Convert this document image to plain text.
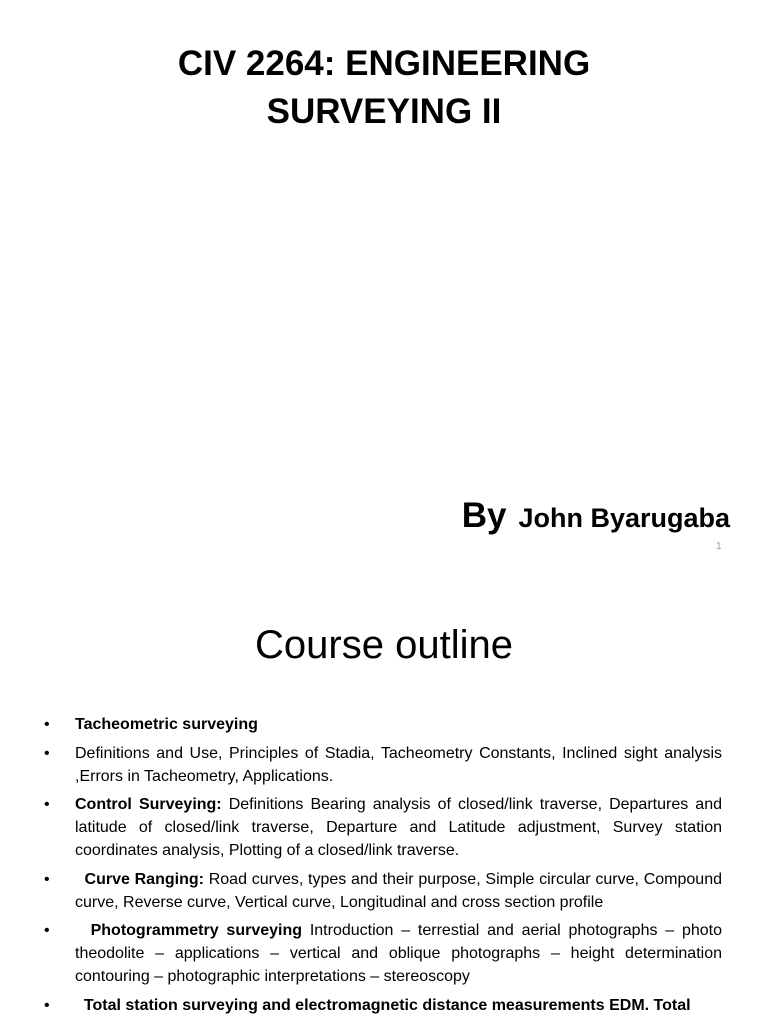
CIV 2264: ENGINEERING
SURVEYING II
By John Byarugaba
1
Course outline
• Tacheometric surveying
• Definitions and Use, Principles of Stadia, Tacheometry Constants, Inclined sight analysis ,Errors in Tacheometry, Applications.
• Control Surveying: Definitions Bearing analysis of closed/link traverse, Departures and latitude of closed/link traverse, Departure and Latitude adjustment, Survey station coordinates analysis, Plotting of a closed/link traverse.
• Curve Ranging: Road curves, types and their purpose, Simple circular curve, Compound curve, Reverse curve, Vertical curve, Longitudinal and cross section profile
• Photogrammetry surveying Introduction – terrestial and aerial photographs – photo theodolite – applications – vertical and oblique photographs – height determination contouring – photographic interpretations – stereoscopy
• Total station surveying and electromagnetic distance measurements EDM. Total
